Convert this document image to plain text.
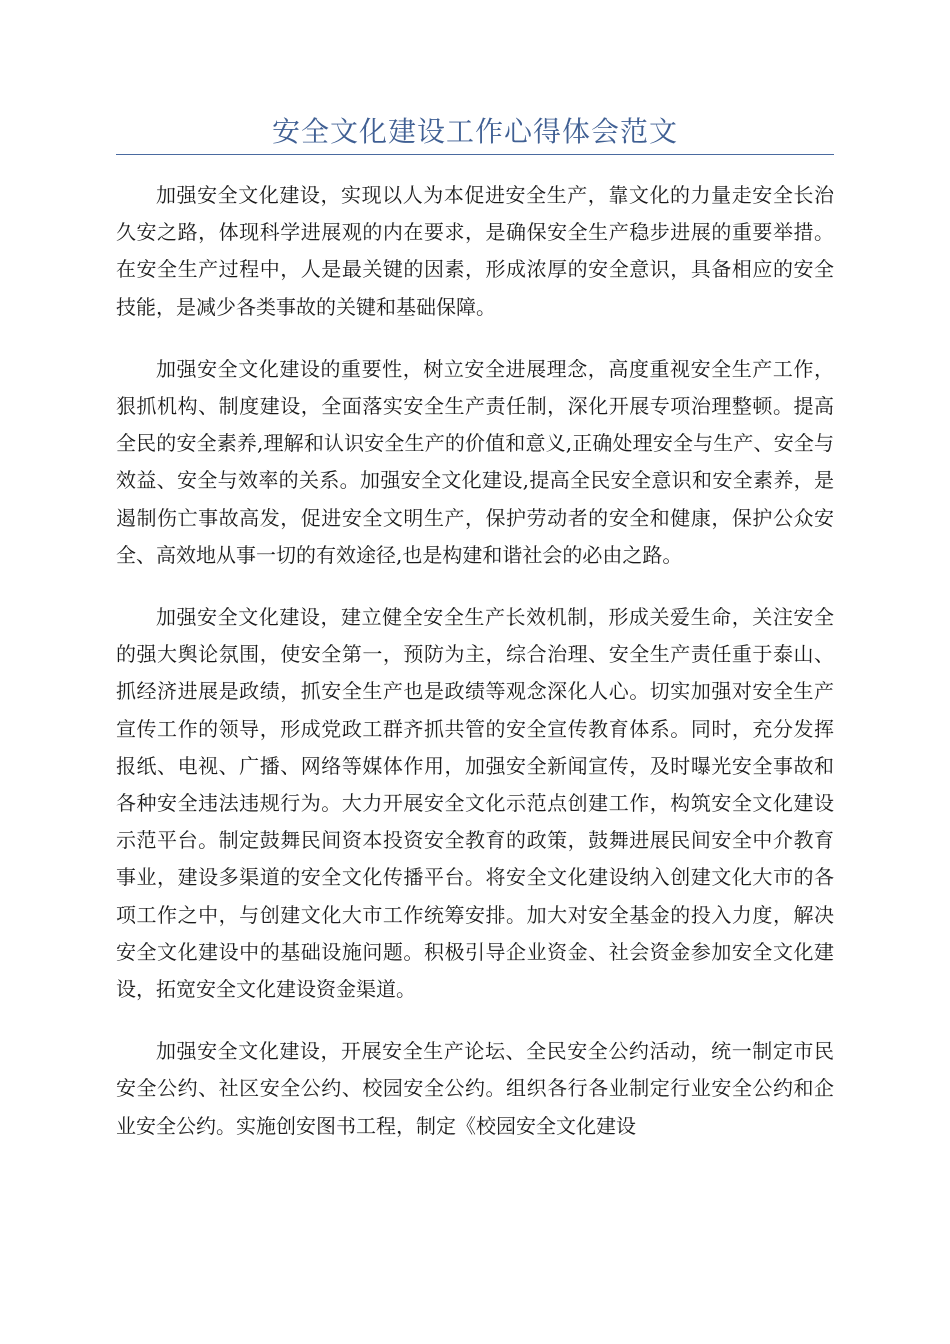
安全文化建设工作心得体会范文

加强安全文化建设，实现以人为本促进安全生产，靠文化的力量走安全长治久安之路，体现科学进展观的内在要求，是确保安全生产稳步进展的重要举措。在安全生产过程中，人是最关键的因素，形成浓厚的安全意识，具备相应的安全技能，是减少各类事故的关键和基础保障。

加强安全文化建设的重要性，树立安全进展理念，高度重视安全生产工作，狠抓机构、制度建设，全面落实安全生产责任制，深化开展专项治理整顿。提高全民的安全素养,理解和认识安全生产的价值和意义,正确处理安全与生产、安全与效益、安全与效率的关系。加强安全文化建设,提高全民安全意识和安全素养，是遏制伤亡事故高发，促进安全文明生产，保护劳动者的安全和健康，保护公众安全、高效地从事一切的有效途径,也是构建和谐社会的必由之路。

加强安全文化建设，建立健全安全生产长效机制，形成关爱生命，关注安全的强大舆论氛围，使安全第一，预防为主，综合治理、安全生产责任重于泰山、抓经济进展是政绩，抓安全生产也是政绩等观念深化人心。切实加强对安全生产宣传工作的领导，形成党政工群齐抓共管的安全宣传教育体系。同时，充分发挥报纸、电视、广播、网络等媒体作用，加强安全新闻宣传，及时曝光安全事故和各种安全违法违规行为。大力开展安全文化示范点创建工作，构筑安全文化建设示范平台。制定鼓舞民间资本投资安全教育的政策，鼓舞进展民间安全中介教育事业，建设多渠道的安全文化传播平台。将安全文化建设纳入创建文化大市的各项工作之中，与创建文化大市工作统筹安排。加大对安全基金的投入力度，解决安全文化建设中的基础设施问题。积极引导企业资金、社会资金参加安全文化建设，拓宽安全文化建设资金渠道。

加强安全文化建设，开展安全生产论坛、全民安全公约活动，统一制定市民安全公约、社区安全公约、校园安全公约。组织各行各业制定行业安全公约和企业安全公约。实施创安图书工程，制定《校园安全文化建设
